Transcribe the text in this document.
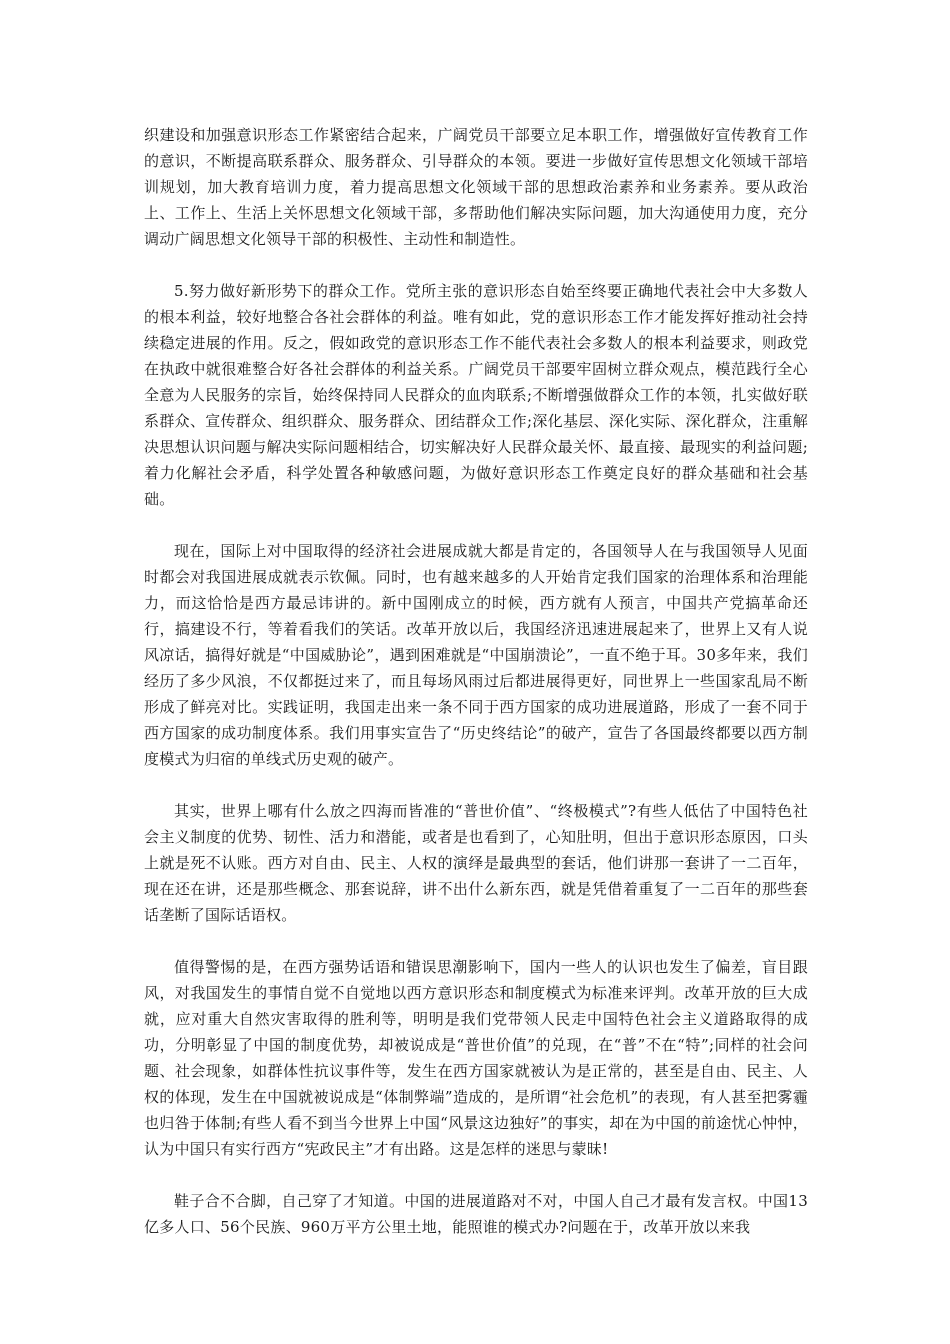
织建设和加强意识形态工作紧密结合起来，广阔党员干部要立足本职工作，增强做好宣传教育工作的意识，不断提高联系群众、服务群众、引导群众的本领。要进一步做好宣传思想文化领域干部培训规划，加大教育培训力度，着力提高思想文化领域干部的思想政治素养和业务素养。要从政治上、工作上、生活上关怀思想文化领域干部，多帮助他们解决实际问题，加大沟通使用力度，充分调动广阔思想文化领导干部的积极性、主动性和制造性。

5.努力做好新形势下的群众工作。党所主张的意识形态自始至终要正确地代表社会中大多数人的根本利益，较好地整合各社会群体的利益。唯有如此，党的意识形态工作才能发挥好推动社会持续稳定进展的作用。反之，假如政党的意识形态工作不能代表社会多数人的根本利益要求，则政党在执政中就很难整合好各社会群体的利益关系。广阔党员干部要牢固树立群众观点，模范践行全心全意为人民服务的宗旨，始终保持同人民群众的血肉联系;不断增强做群众工作的本领，扎实做好联系群众、宣传群众、组织群众、服务群众、团结群众工作;深化基层、深化实际、深化群众，注重解决思想认识问题与解决实际问题相结合，切实解决好人民群众最关怀、最直接、最现实的利益问题;着力化解社会矛盾，科学处置各种敏感问题，为做好意识形态工作奠定良好的群众基础和社会基础。

现在，国际上对中国取得的经济社会进展成就大都是肯定的，各国领导人在与我国领导人见面时都会对我国进展成就表示钦佩。同时，也有越来越多的人开始肯定我们国家的治理体系和治理能力，而这恰恰是西方最忌讳讲的。新中国刚成立的时候，西方就有人预言，中国共产党搞革命还行，搞建设不行，等着看我们的笑话。改革开放以后，我国经济迅速进展起来了，世界上又有人说风凉话，搞得好就是“中国威胁论”，遇到困难就是“中国崩溃论”，一直不绝于耳。30多年来，我们经历了多少风浪，不仅都挺过来了，而且每场风雨过后都进展得更好，同世界上一些国家乱局不断形成了鲜亮对比。实践证明，我国走出来一条不同于西方国家的成功进展道路，形成了一套不同于西方国家的成功制度体系。我们用事实宣告了“历史终结论”的破产，宣告了各国最终都要以西方制度模式为归宿的单线式历史观的破产。

其实，世界上哪有什么放之四海而皆准的“普世价值”、“终极模式”?有些人低估了中国特色社会主义制度的优势、韧性、活力和潜能，或者是也看到了，心知肚明，但出于意识形态原因，口头上就是死不认账。西方对自由、民主、人权的演绎是最典型的套话，他们讲那一套讲了一二百年，现在还在讲，还是那些概念、那套说辞，讲不出什么新东西，就是凭借着重复了一二百年的那些套话垄断了国际话语权。

值得警惕的是，在西方强势话语和错误思潮影响下，国内一些人的认识也发生了偏差，盲目跟风，对我国发生的事情自觉不自觉地以西方意识形态和制度模式为标准来评判。改革开放的巨大成就，应对重大自然灾害取得的胜利等，明明是我们党带领人民走中国特色社会主义道路取得的成功，分明彰显了中国的制度优势，却被说成是“普世价值”的兑现，在“普”不在“特”;同样的社会问题、社会现象，如群体性抗议事件等，发生在西方国家就被认为是正常的，甚至是自由、民主、人权的体现，发生在中国就被说成是“体制弊端”造成的，是所谓“社会危机”的表现，有人甚至把雾霾也归咎于体制;有些人看不到当今世界上中国“风景这边独好”的事实，却在为中国的前途忧心忡忡，认为中国只有实行西方“宪政民主”才有出路。这是怎样的迷思与蒙昧!

鞋子合不合脚，自己穿了才知道。中国的进展道路对不对，中国人自己才最有发言权。中国13亿多人口、56个民族、960万平方公里土地，能照谁的模式办?问题在于，改革开放以来我
